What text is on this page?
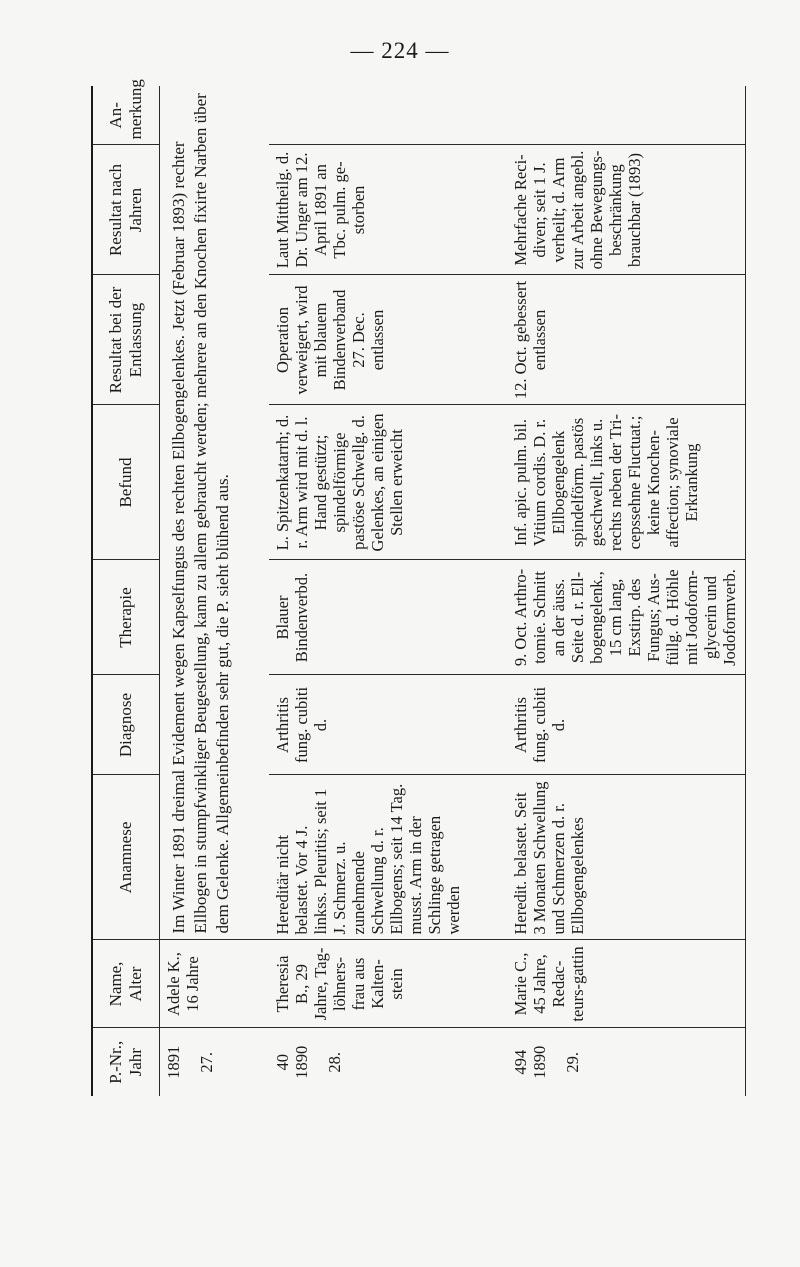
— 224 —
P.-Nr., Jahr	Name, Alter	Anamnese	Diagnose	Therapie	Befund	Resultat bei der Entlassung	Resultat nach Jahren	An-merkung

1891 27.	Adele K., 16 Jahre	Im Winter 1891 dreimal Evidement wegen Kapselfungus des rechten Ellbogengelenkes. Jetzt (Februar 1893) rechter Ellbogen in stumpfwinkliger Beugestellung, kann zu allem gebraucht werden; mehrere an den Knochen fixirte Narben über dem Gelenke. Allgemeinbefinden sehr gut, die P. sieht blühend aus.						

40 1890 28.	Theresia B., 29 Jahre, Tag-löhners-frau aus Kalten-stein	Hereditär nicht belastet. Vor 4 J. linkss. Pleuritis; seit 1 J. Schmerz. u. zunehmende Schwellung d. r. Ellbogens; seit 14 Tag. musst. Arm in der Schlinge getragen werden	Arthritis fung. cubiti d.	Blauer Bindenverbd.	L. Spitzenkatarrh; d. r. Arm wird mit d. l. Hand gestützt; spindelförmige pastöse Schwellg. d. Gelenkes, an einigen Stellen erweicht	Operation verweigert, wird mit blauem Bindenverband 27. Dec. entlassen	Laut Mittheilg. d. Dr. Unger am 12. April 1891 an Tbc. pulm. ge-storben	

494 1890 29.	Marie C., 45 Jahre, Redac-teurs-gattin	Heredit. belastet. Seit 3 Monaten Schwellung und Schmerzen d. r. Ellbogengelenkes	Arthritis fung. cubiti d.	9. Oct. Arthro-tomie. Schnitt an der äuss. Seite d. r. Ell-bogengelenk., 15 cm lang, Exstirp. des Fungus; Aus-füllg. d. Höhle mit Jodoform-glycerin und Jodoformverb.	Inf. apic. pulm. bil. Vitium cordis. D. r. Ellbogengelenk spindelförm. pastös geschwellt, links u. rechts neben der Tri-cepssehne Fluctuat.; keine Knochen-affection; synoviale Erkrankung	12. Oct. gebessert entlassen	Mehrfache Reci-diven; seit 1 J. verheilt; d. Arm zur Arbeit angebl. ohne Bewegungs-beschränkung brauchbar (1893)	
